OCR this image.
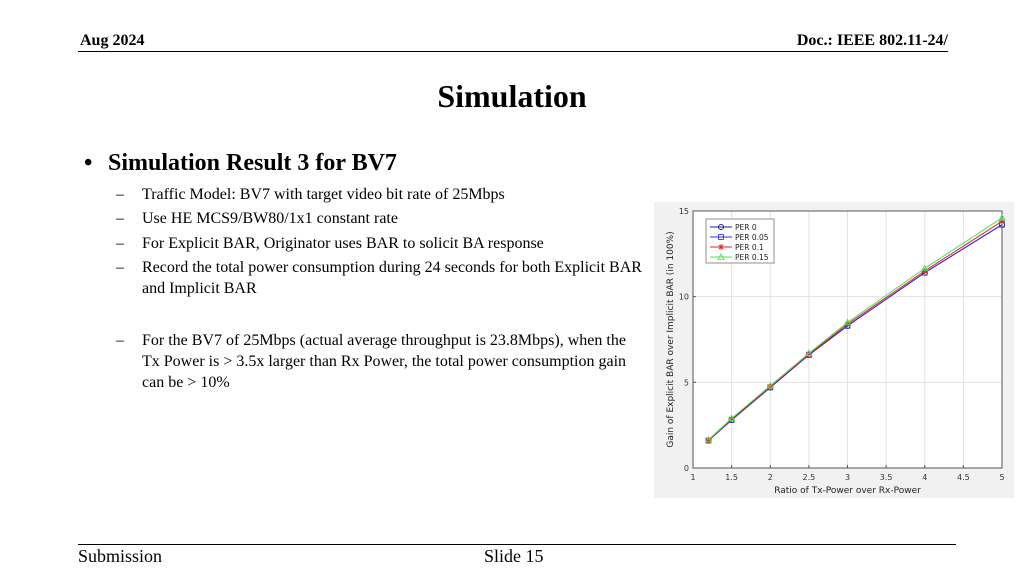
Aug 2024	Doc.: IEEE 802.11-24/
Simulation
• Simulation Result 3 for BV7
– Traffic Model: BV7 with target video bit rate of 25Mbps
– Use HE MCS9/BW80/1x1 constant rate
– For Explicit BAR, Originator uses BAR to solicit BA response
– Record the total power consumption during 24 seconds for both Explicit BAR and Implicit BAR
– For the BV7 of 25Mbps (actual average throughput is 23.8Mbps), when the Tx Power is > 3.5x larger than Rx Power, the total power consumption gain can be > 10%
1	1.5	2	2.5	3	3.5	4	4.5	5
0
5
10
15
Ratio of Tx-Power over Rx-Power
Gain of Explicit BAR over Implicit BAR (in 100%)
PER 0
PER 0.05
PER 0.1
PER 0.15
Submission	Slide 15
